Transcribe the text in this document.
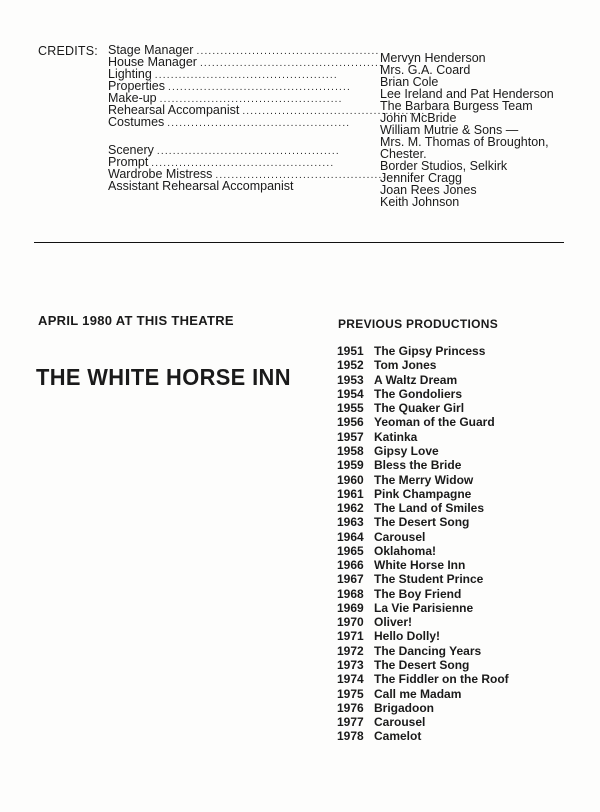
CREDITS: Stage Manager ..............................................
House Manager ..............................................
Lighting ..............................................
Properties ..............................................
Make-up ..............................................
Rehearsal Accompanist ..............................................
Costumes ..............................................
Scenery ..............................................
Prompt ..............................................
Wardrobe Mistress ..............................................
Assistant Rehearsal Accompanist
Mervyn Henderson
Mrs. G.A. Coard
Brian Cole
Lee Ireland and Pat Henderson
The Barbara Burgess Team
John McBride
William Mutrie & Sons —
Mrs. M. Thomas of Broughton,
Chester.
Border Studios, Selkirk
Jennifer Cragg
Joan Rees Jones
Keith Johnson
APRIL 1980 AT THIS THEATRE
THE WHITE HORSE INN
PREVIOUS PRODUCTIONS
1951 The Gipsy Princess
1952 Tom Jones
1953 A Waltz Dream
1954 The Gondoliers
1955 The Quaker Girl
1956 Yeoman of the Guard
1957 Katinka
1958 Gipsy Love
1959 Bless the Bride
1960 The Merry Widow
1961 Pink Champagne
1962 The Land of Smiles
1963 The Desert Song
1964 Carousel
1965 Oklahoma!
1966 White Horse Inn
1967 The Student Prince
1968 The Boy Friend
1969 La Vie Parisienne
1970 Oliver!
1971 Hello Dolly!
1972 The Dancing Years
1973 The Desert Song
1974 The Fiddler on the Roof
1975 Call me Madam
1976 Brigadoon
1977 Carousel
1978 Camelot
